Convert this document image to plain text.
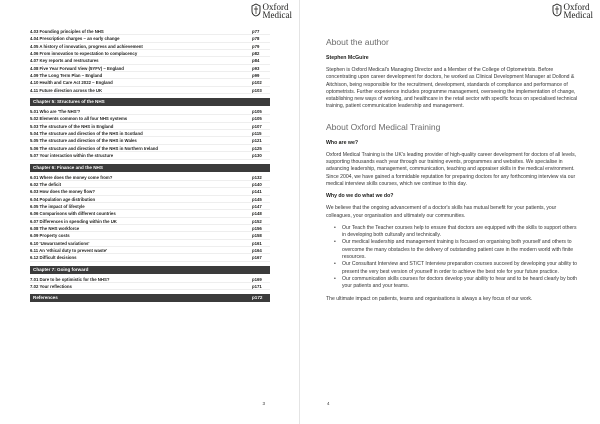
Oxford
Medical
4.03 Founding principles of the NHS	p77
4.04 Prescription charges – an early change	p78
4.05 A history of innovation, progress and achievement	p79
4.06 From innovation to expectation to complacency	p82
4.07 Key reports and restructures	p84
4.08 Five Year Forward View (5YFV) – England	p93
4.09 The Long Term Plan – England	p99
4.10 Health and Care Act 2022 – England	p102
4.11 Future direction across the UK	p103
Chapter 5: Structures of the NHS
5.01 Who are 'The NHS'?	p105
5.02 Elements common to all four NHS systems	p105
5.03 The structure of the NHS in England	p107
5.04 The structure and direction of the NHS in Scotland	p115
5.05 The structure and direction of the NHS in Wales	p121
5.06 The structure and direction of the NHS in Northern Ireland	p125
5.07 Your interaction within the structure	p130
Chapter 6: Finance and the NHS
6.01 Where does the money come from?	p132
6.02 The deficit	p140
6.03 How does the money flow?	p141
6.04 Population age distribution	p145
6.05 The impact of lifestyle	p147
6.06 Comparisons with different countries	p148
6.07 Differences in spending within the UK	p152
6.08 The NHS workforce	p156
6.09 Property costs	p158
6.10 'Unwarranted variations'	p161
6.11 An 'ethical duty to prevent waste'	p164
6.12 Difficult decisions	p167
Chapter 7: Going forward
7.01 Dare to be optimistic for the NHS?	p169
7.02 Your reflections	p171
References	p172
3
Oxford
Medical
About the author
Stephen McGuire

Stephen is Oxford Medical's Managing Director and a Member of the College of Optometrists. Before concentrating upon career development for doctors, he worked as Clinical Development Manager at Dollond & Aitchison, being responsible for the recruitment, development, standards of compliance and performance of optometrists. Further experience includes programme management, overseeing the implementation of change, establishing new ways of working, and healthcare in the retail sector with specific focus on specialised technical training, patient communication leadership and management.

About Oxford Medical Training
Who are we?

Oxford Medical Training is the UK's leading provider of high-quality career development for doctors of all levels, supporting thousands each year through our training events, programmes and websites. We specialise in advancing leadership, management, communication, teaching and appraiser skills in the medical environment. Since 2004, we have gained a formidable reputation for preparing doctors for any forthcoming interview via our medical interview skills courses, which we continue to this day.

Why do we do what we do?

We believe that the ongoing advancement of a doctor's skills has mutual benefit for your patients, your colleagues, your organisation and ultimately our communities.

• Our Teach the Teacher courses help to ensure that doctors are equipped with the skills to support others in developing both culturally and technically.
• Our medical leadership and management training is focused on organising both yourself and others to overcome the many obstacles to the delivery of outstanding patient care in the modern world with finite resources.
• Our Consultant Interview and ST/CT Interview preparation courses succeed by developing your ability to present the very best version of yourself in order to achieve the best role for your future practice.
• Our communication skills courses for doctors develop your ability to hear and to be heard clearly by both your patients and your teams.

The ultimate impact on patients, teams and organisations is always a key focus of our work.

4
